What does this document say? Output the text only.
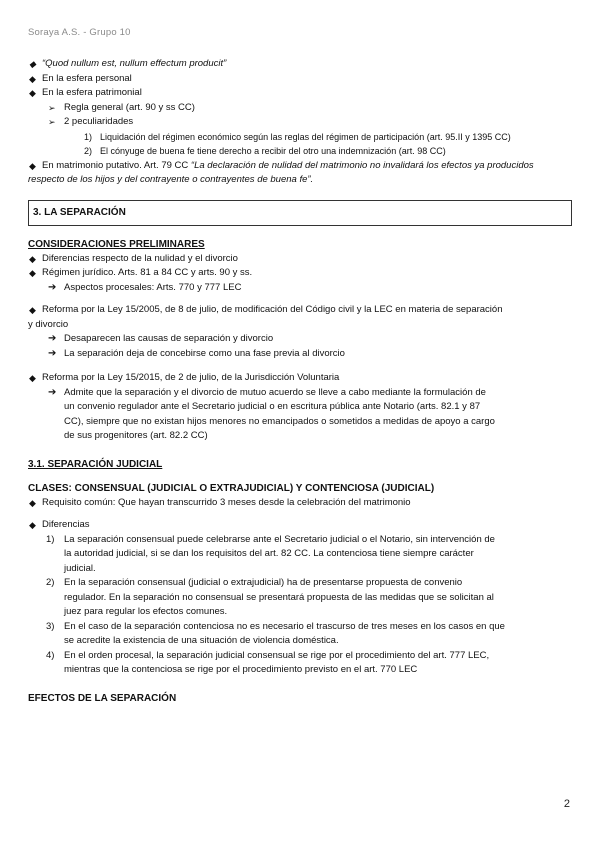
Soraya A.S. - Grupo 10
◆ “Quod nullum est, nullum effectum producit”
◆ En la esfera personal
◆ En la esfera patrimonial
➢ Regla general (art. 90 y ss CC)
➢ 2 peculiaridades
1) Liquidación del régimen económico según las reglas del régimen de participación (art. 95.II y 1395 CC)
2) El cónyuge de buena fe tiene derecho a recibir del otro una indemnización (art. 98 CC)
◆ En matrimonio putativo. Art. 79 CC “La declaración de nulidad del matrimonio no invalidará los efectos ya producidos
respecto de los hijos y del contrayente o contrayentes de buena fe”.
3. LA SEPARACIÓN
CONSIDERACIONES PRELIMINARES
◆ Diferencias respecto de la nulidad y el divorcio
◆ Régimen jurídico. Arts. 81 a 84 CC y arts. 90 y ss.
➔ Aspectos procesales: Arts. 770 y 777 LEC
◆ Reforma por la Ley 15/2005, de 8 de julio, de modificación del Código civil y la LEC en materia de separación
y divorcio
➔ Desaparecen las causas de separación y divorcio
➔ La separación deja de concebirse como una fase previa al divorcio
◆ Reforma por la Ley 15/2015, de 2 de julio, de la Jurisdicción Voluntaria
➔ Admite que la separación y el divorcio de mutuo acuerdo se lleve a cabo mediante la formulación de
un convenio regulador ante el Secretario judicial o en escritura pública ante Notario (arts. 82.1 y 87
CC), siempre que no existan hijos menores no emancipados o sometidos a medidas de apoyo a cargo
de sus progenitores (art. 82.2 CC)
3.1. SEPARACIÓN JUDICIAL
CLASES: CONSENSUAL (JUDICIAL O EXTRAJUDICIAL) Y CONTENCIOSA (JUDICIAL)
◆ Requisito común: Que hayan transcurrido 3 meses desde la celebración del matrimonio
◆ Diferencias
1) La separación consensual puede celebrarse ante el Secretario judicial o el Notario, sin intervención de
la autoridad judicial, si se dan los requisitos del art. 82 CC. La contenciosa tiene siempre carácter
judicial.
2) En la separación consensual (judicial o extrajudicial) ha de presentarse propuesta de convenio
regulador. En la separación no consensual se presentará propuesta de las medidas que se solicitan al
juez para regular los efectos comunes.
3) En el caso de la separación contenciosa no es necesario el trascurso de tres meses en los casos en que
se acredite la existencia de una situación de violencia doméstica.
4) En el orden procesal, la separación judicial consensual se rige por el procedimiento del art. 777 LEC,
mientras que la contenciosa se rige por el procedimiento previsto en el art. 770 LEC
EFECTOS DE LA SEPARACIÓN
2
